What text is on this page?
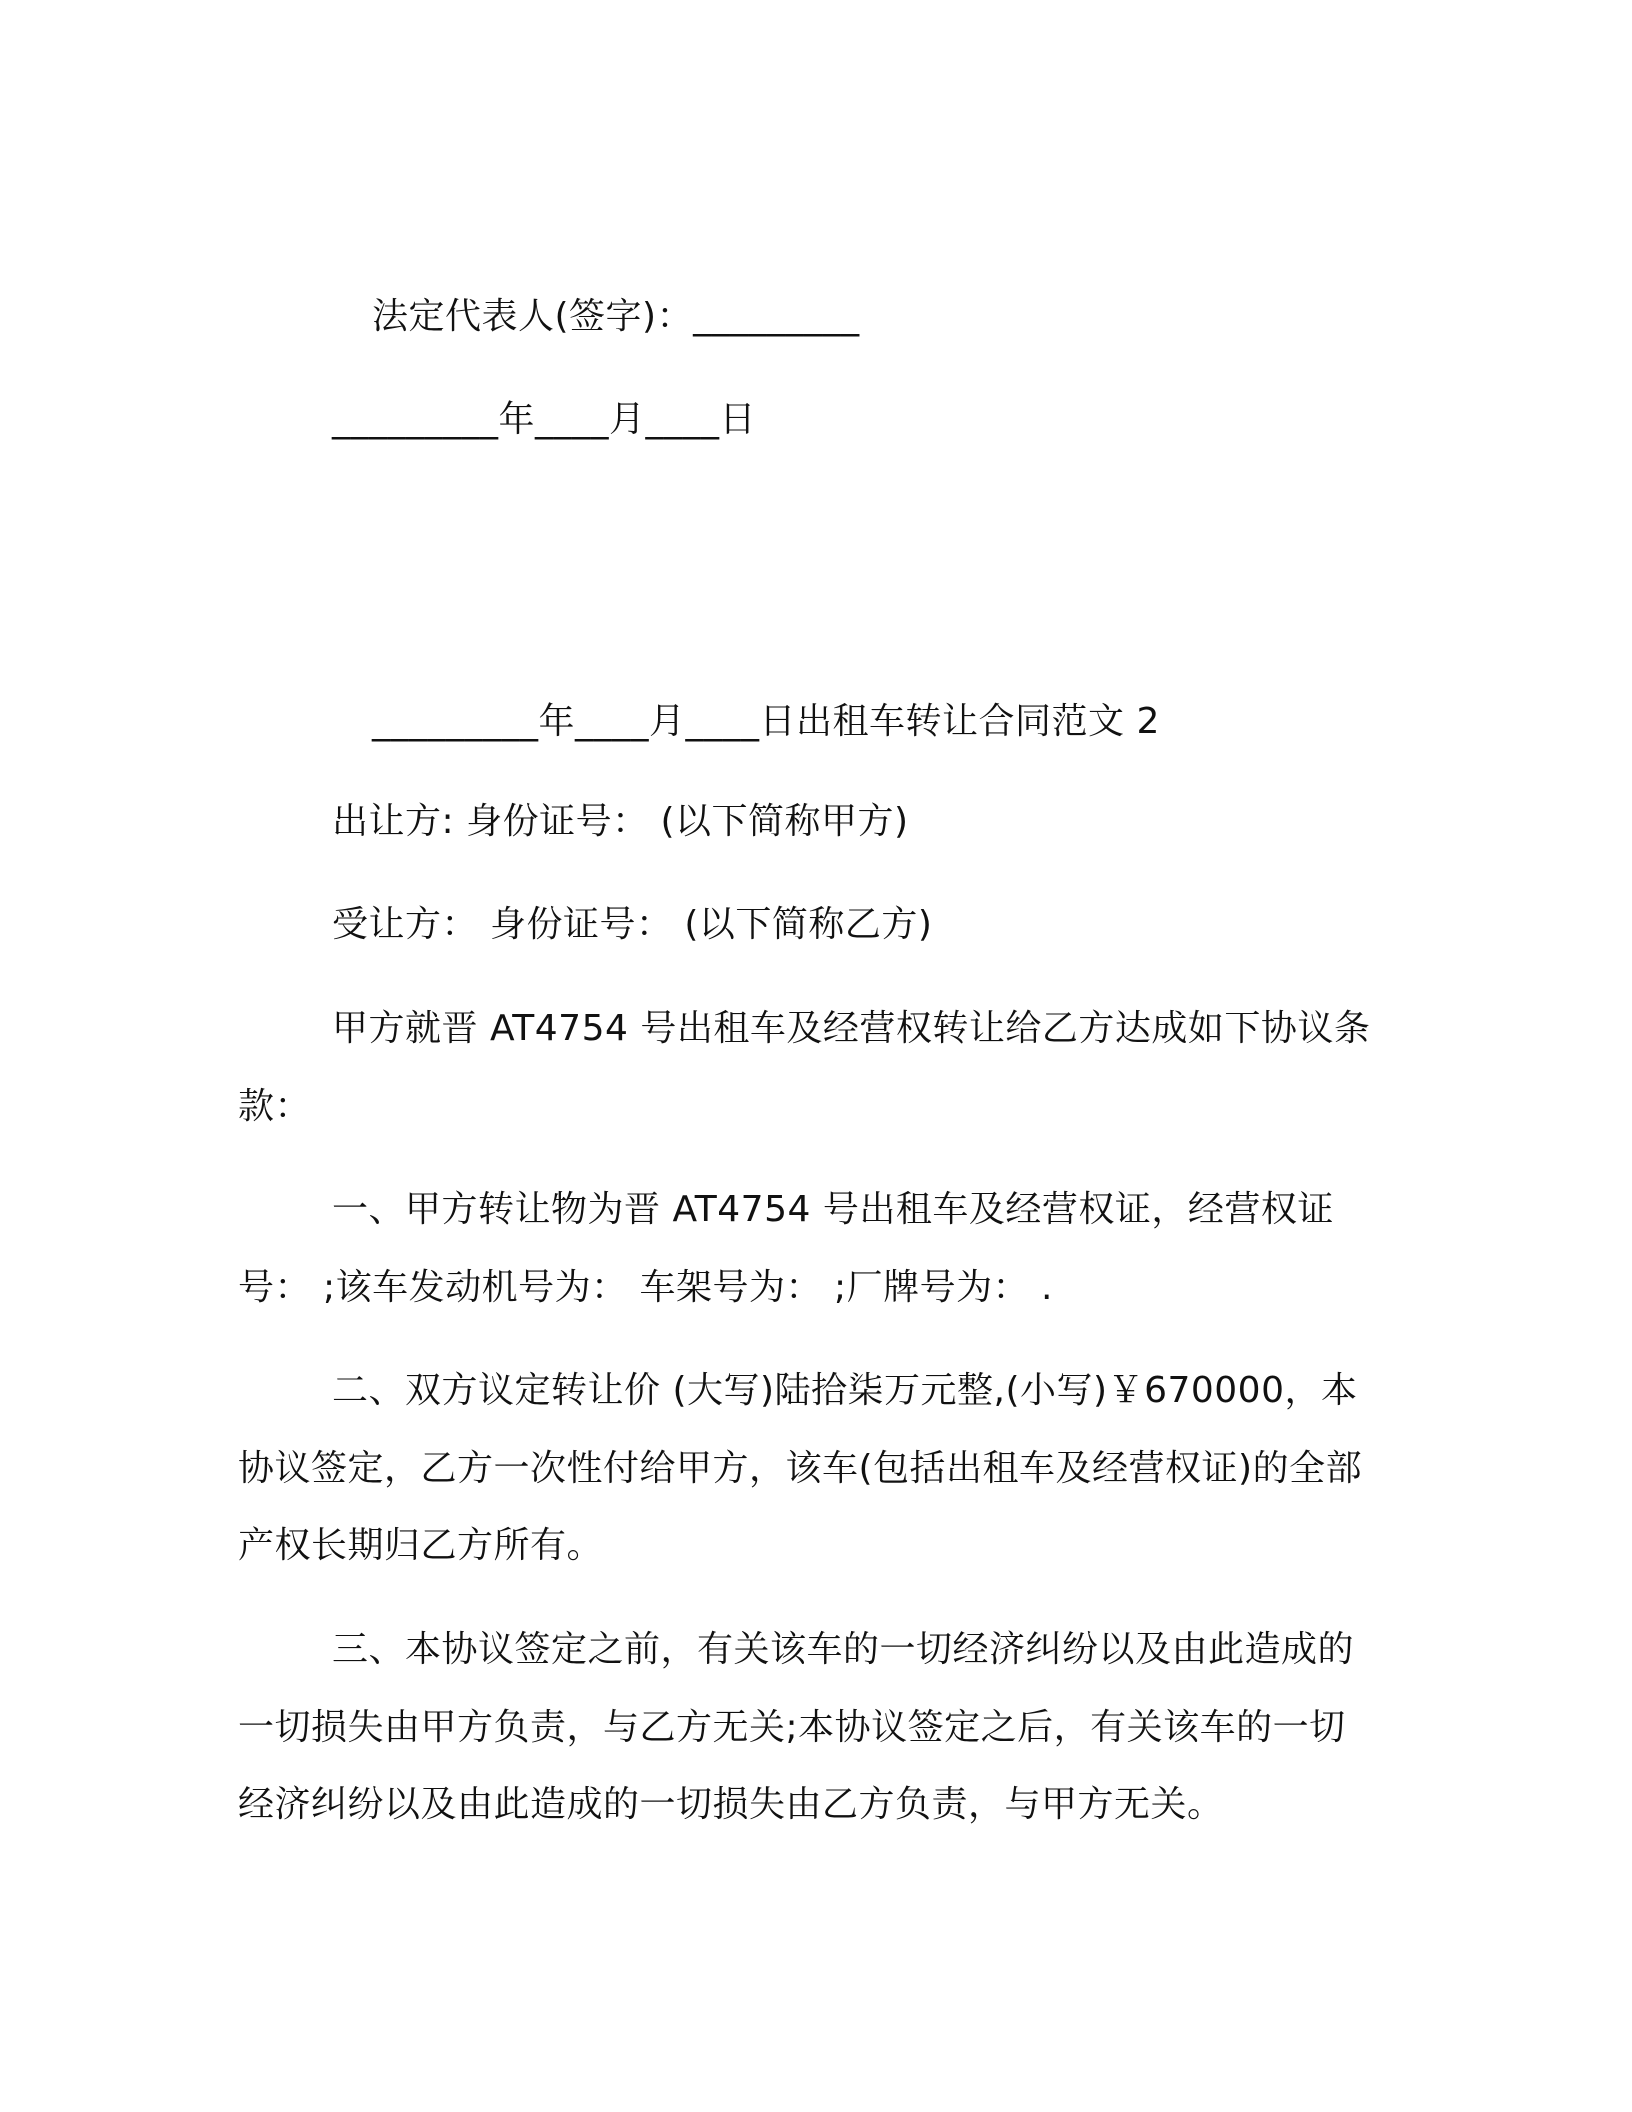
法定代表人(签字)：_________
_________年____月____日
_________年____月____日出租车转让合同范文 2
出让方: 身份证号： (以下简称甲方)
受让方： 身份证号： (以下简称乙方)
甲方就晋 AT4754 号出租车及经营权转让给乙方达成如下协议条
款：
一、甲方转让物为晋 AT4754 号出租车及经营权证，经营权证
号： ;该车发动机号为： 车架号为： ;厂牌号为： .
二、双方议定转让价 (大写)陆拾柒万元整,(小写)￥670000，本
协议签定，乙方一次性付给甲方，该车(包括出租车及经营权证)的全部
产权长期归乙方所有。
三、本协议签定之前，有关该车的一切经济纠纷以及由此造成的
一切损失由甲方负责，与乙方无关;本协议签定之后，有关该车的一切
经济纠纷以及由此造成的一切损失由乙方负责，与甲方无关。
